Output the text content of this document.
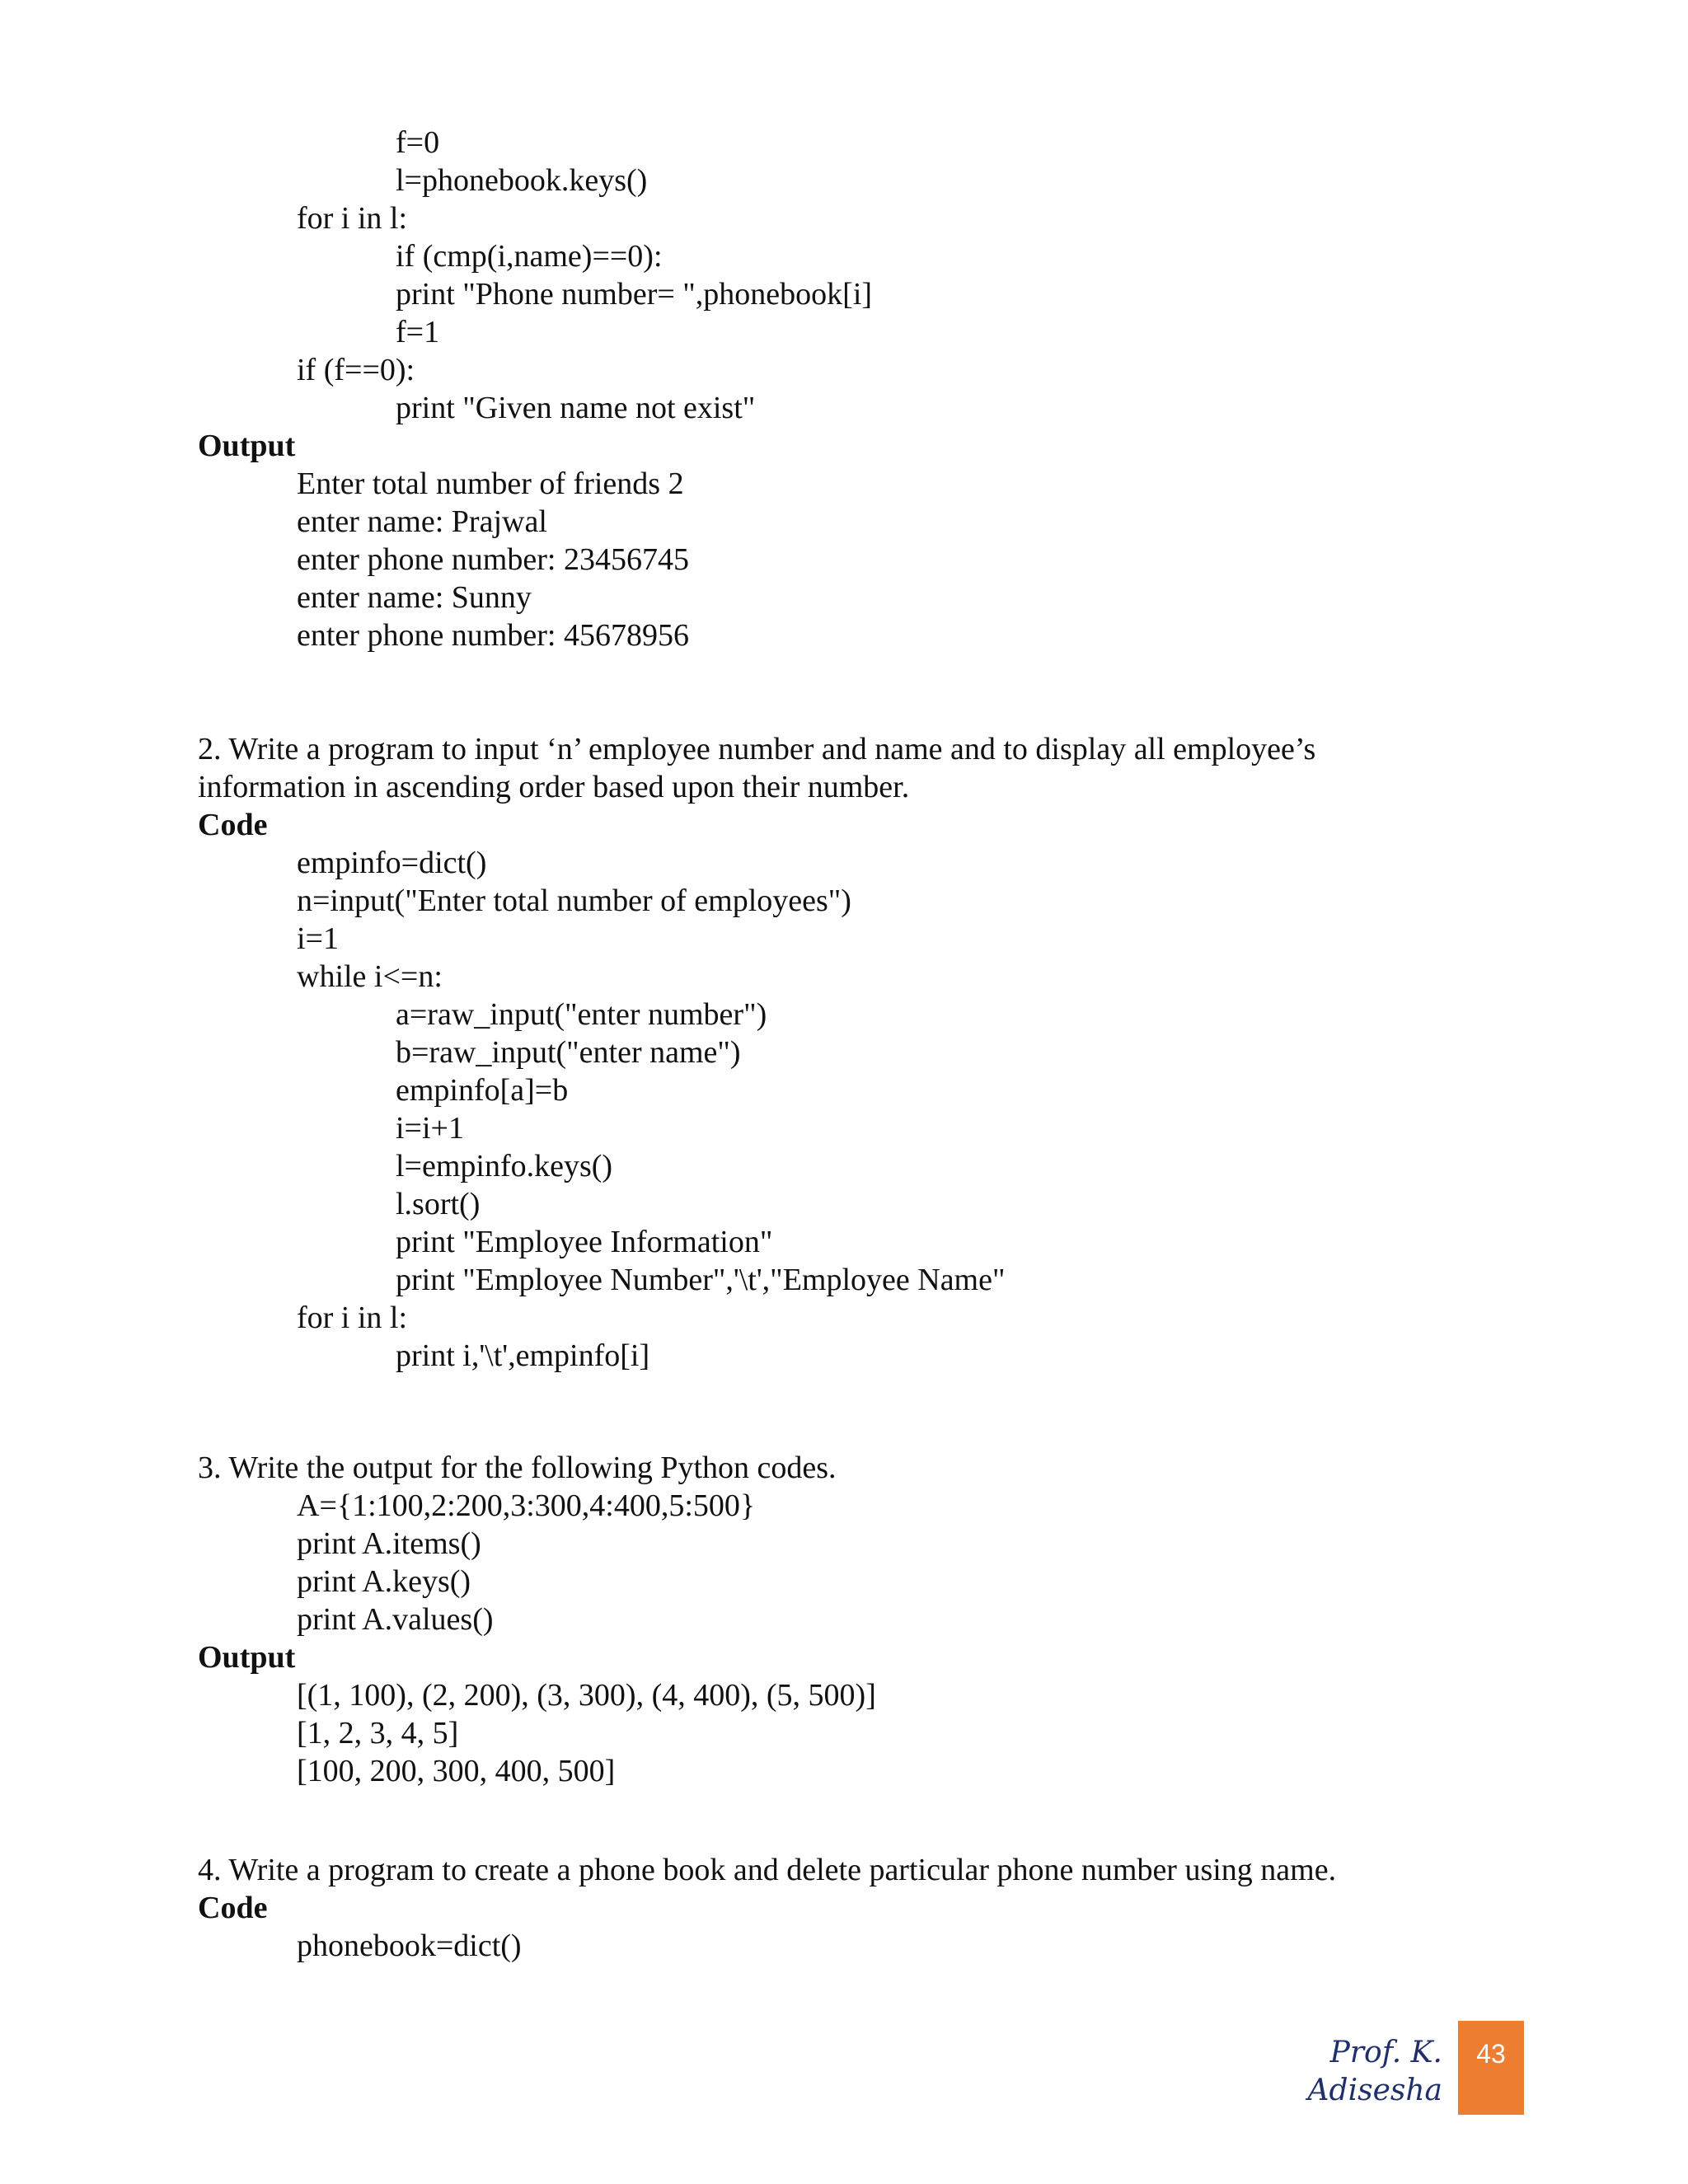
f=0

l=phonebook.keys()

for i in l:

if (cmp(i,name)==0):

print "Phone number= ",phonebook[i]

f=1

if (f==0):

print "Given name not exist"

Output

Enter total number of friends 2

enter name: Prajwal

enter phone number: 23456745

enter name: Sunny

enter phone number: 45678956

2. Write a program to input ‘n’ employee number and name and to display all employee’s

information in ascending order based upon their number.

Code

empinfo=dict()

n=input("Enter total number of employees")

i=1

while i<=n:

a=raw_input("enter number")

b=raw_input("enter name")

empinfo[a]=b

i=i+1

l=empinfo.keys()

l.sort()

print "Employee Information"

print "Employee Number",'\t',"Employee Name"

for i in l:

print i,'\t',empinfo[i]

3. Write the output for the following Python codes.

A={1:100,2:200,3:300,4:400,5:500}

print A.items()

print A.keys()

print A.values()

Output

[(1, 100), (2, 200), (3, 300), (4, 400), (5, 500)]

[1, 2, 3, 4, 5]

[100, 200, 300, 400, 500]

4. Write a program to create a phone book and delete particular phone number using name.

Code

phonebook=dict()

Prof. K. Adisesha
43
